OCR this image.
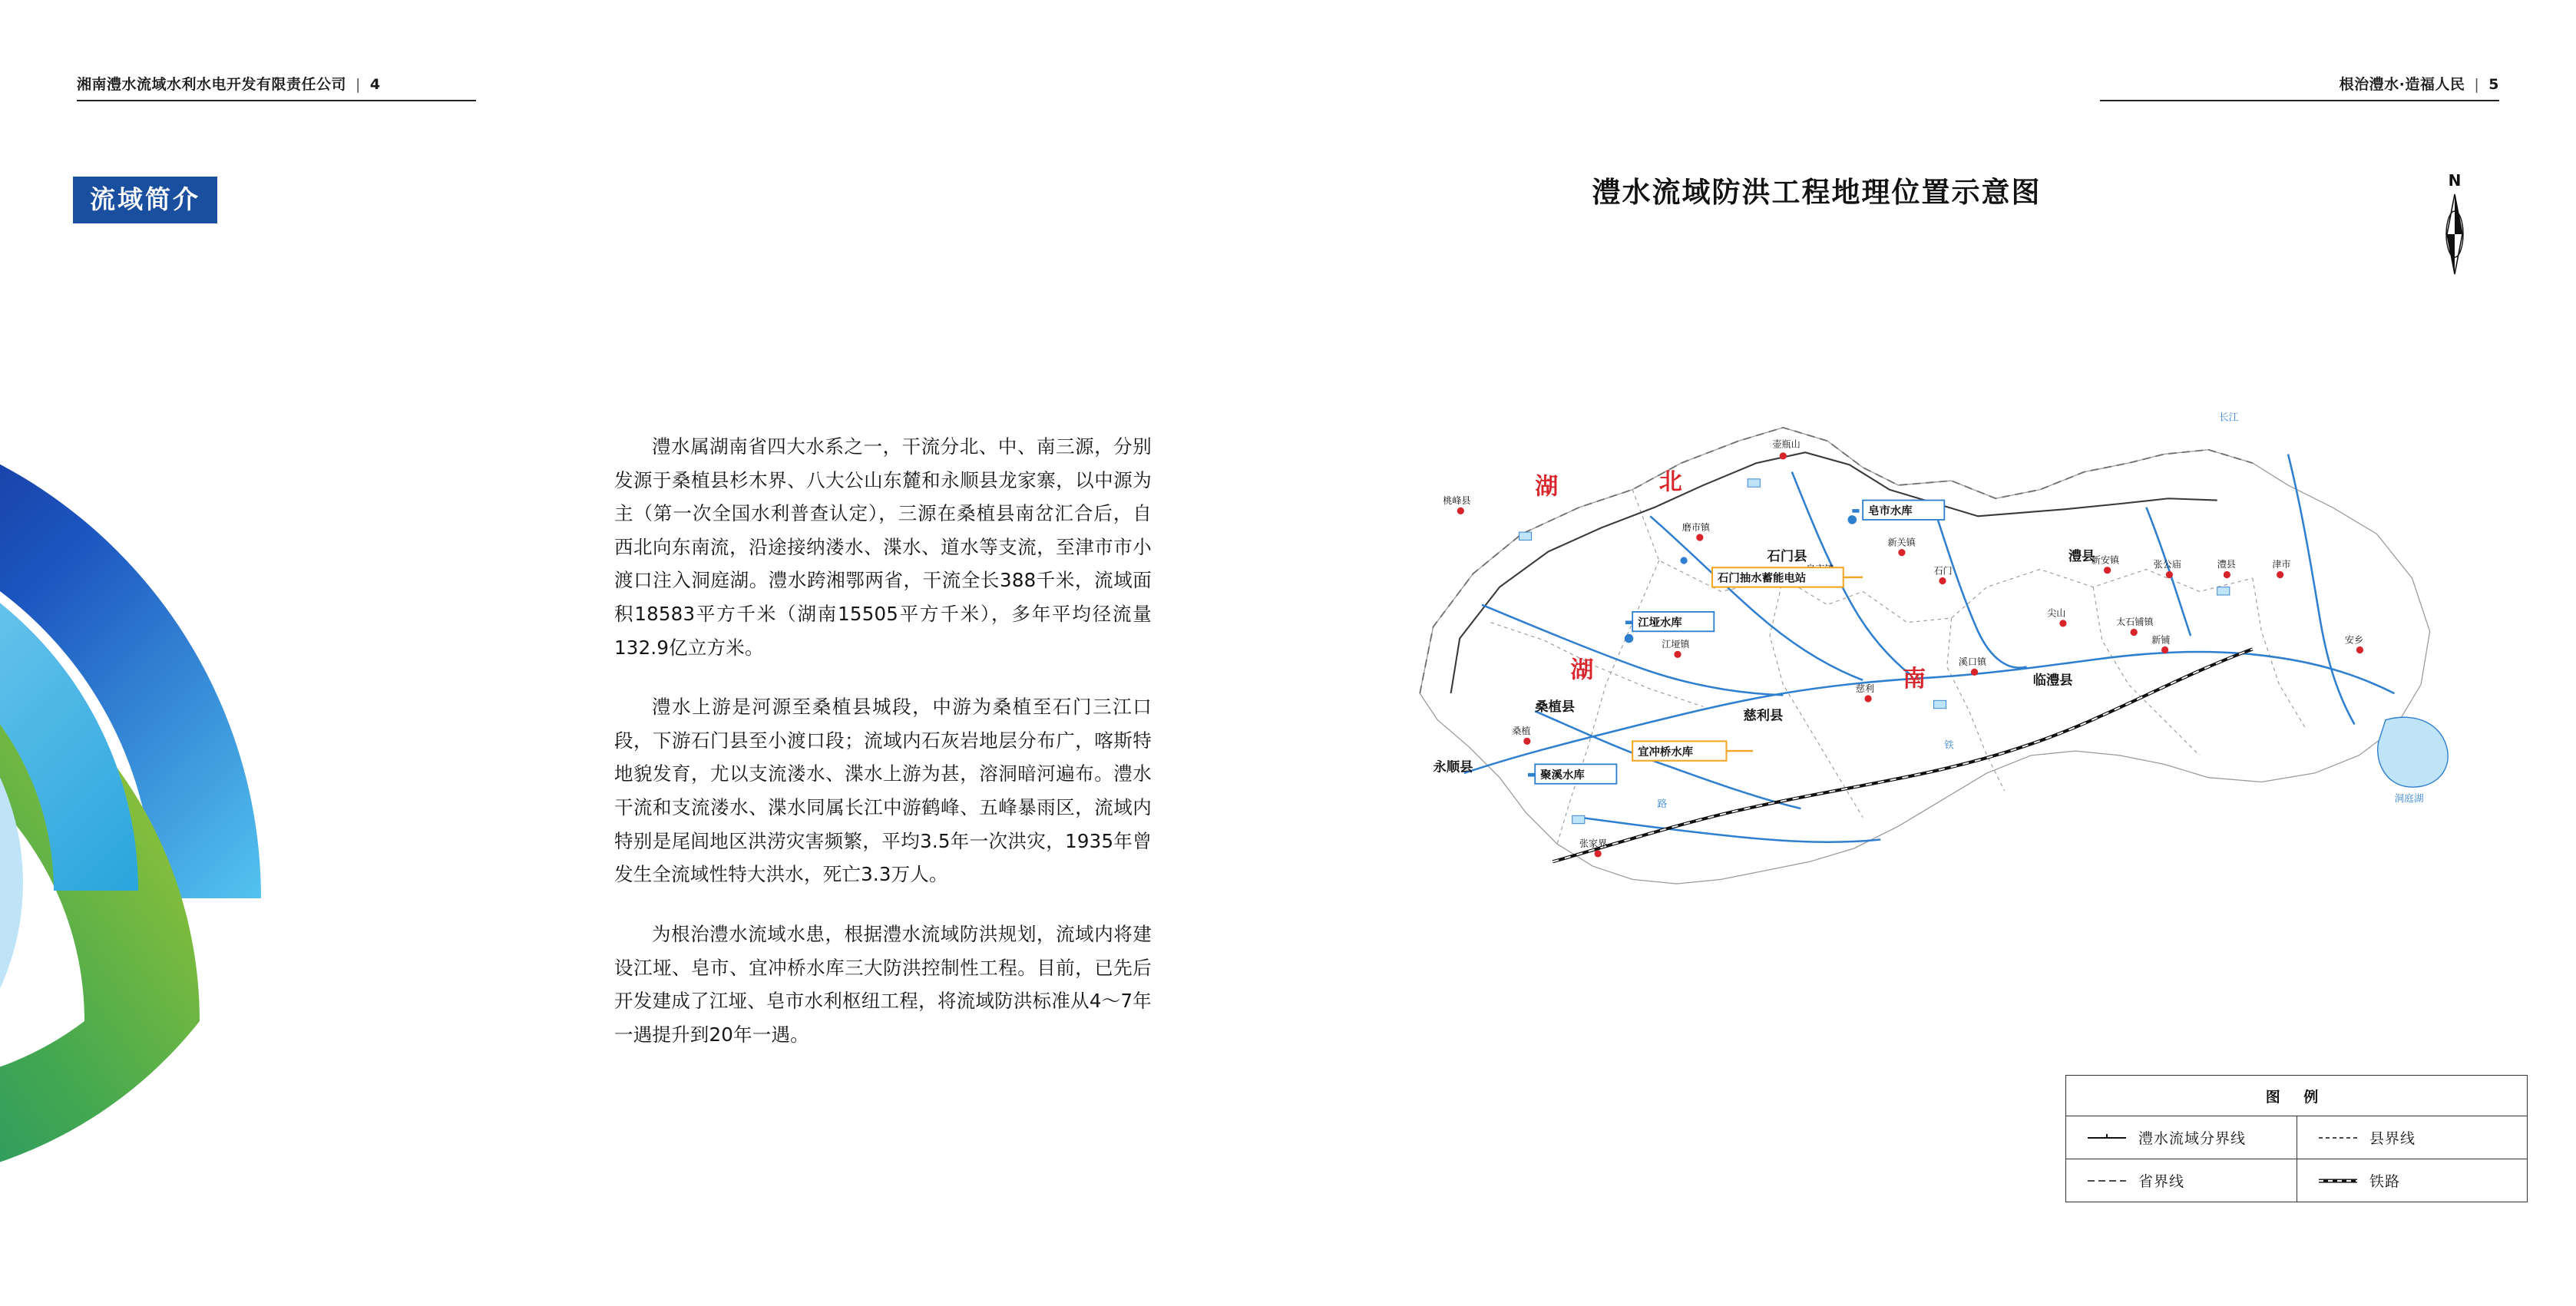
湘南澧水流域水利水电开发有限责任公司 | 4
流域简介

澧水属湖南省四大水系之一，干流分北、中、南三源，分别发源于桑植县杉木界、八大公山东麓和永顺县龙家寨，以中源为主（第一次全国水利普查认定），三源在桑植县南岔汇合后，自西北向东南流，沿途接纳溇水、渫水、道水等支流，至津市市小渡口注入洞庭湖。澧水跨湘鄂两省，干流全长388千米，流域面积18583平方千米（湖南15505平方千米），多年平均径流量132.9亿立方米。

澧水上游是河源至桑植县城段，中游为桑植至石门三江口段，下游石门县至小渡口段；流域内石灰岩地层分布广，喀斯特地貌发育，尤以支流溇水、渫水上游为甚，溶洞暗河遍布。澧水干流和支流溇水、渫水同属长江中游鹤峰、五峰暴雨区，流域内特别是尾闾地区洪涝灾害频繁，平均3.5年一次洪灾，1935年曾发生全流域性特大洪水，死亡3.3万人。

为根治澧水流域水患，根据澧水流域防洪规划，流域内将建设江垭、皂市、宜冲桥水库三大防洪控制性工程。目前，已先后开发建成了江垭、皂市水利枢纽工程，将流域防洪标准从4～7年一遇提升到20年一遇。

根治澧水·造福人民 | 5
澧水流域防洪工程地理位置示意图	N
湖	北
湖	南
石门县	澧县
桑植县
慈利县
临澧县
永顺县
壶瓶山
桃峰县
磨市镇
新关镇
石门
新安镇	张公庙	澧县	津市
江垭镇
尖山
太石铺镇
新铺	安乡
桑植
溪口镇
慈利
张家界
洞庭湖
长江
铁
路
皂市水库
江垭水库
宜冲桥水库
石门抽水蓄能电站
聚溪水库
图 例
澧水流域分界线	县界线
省界线	铁路
